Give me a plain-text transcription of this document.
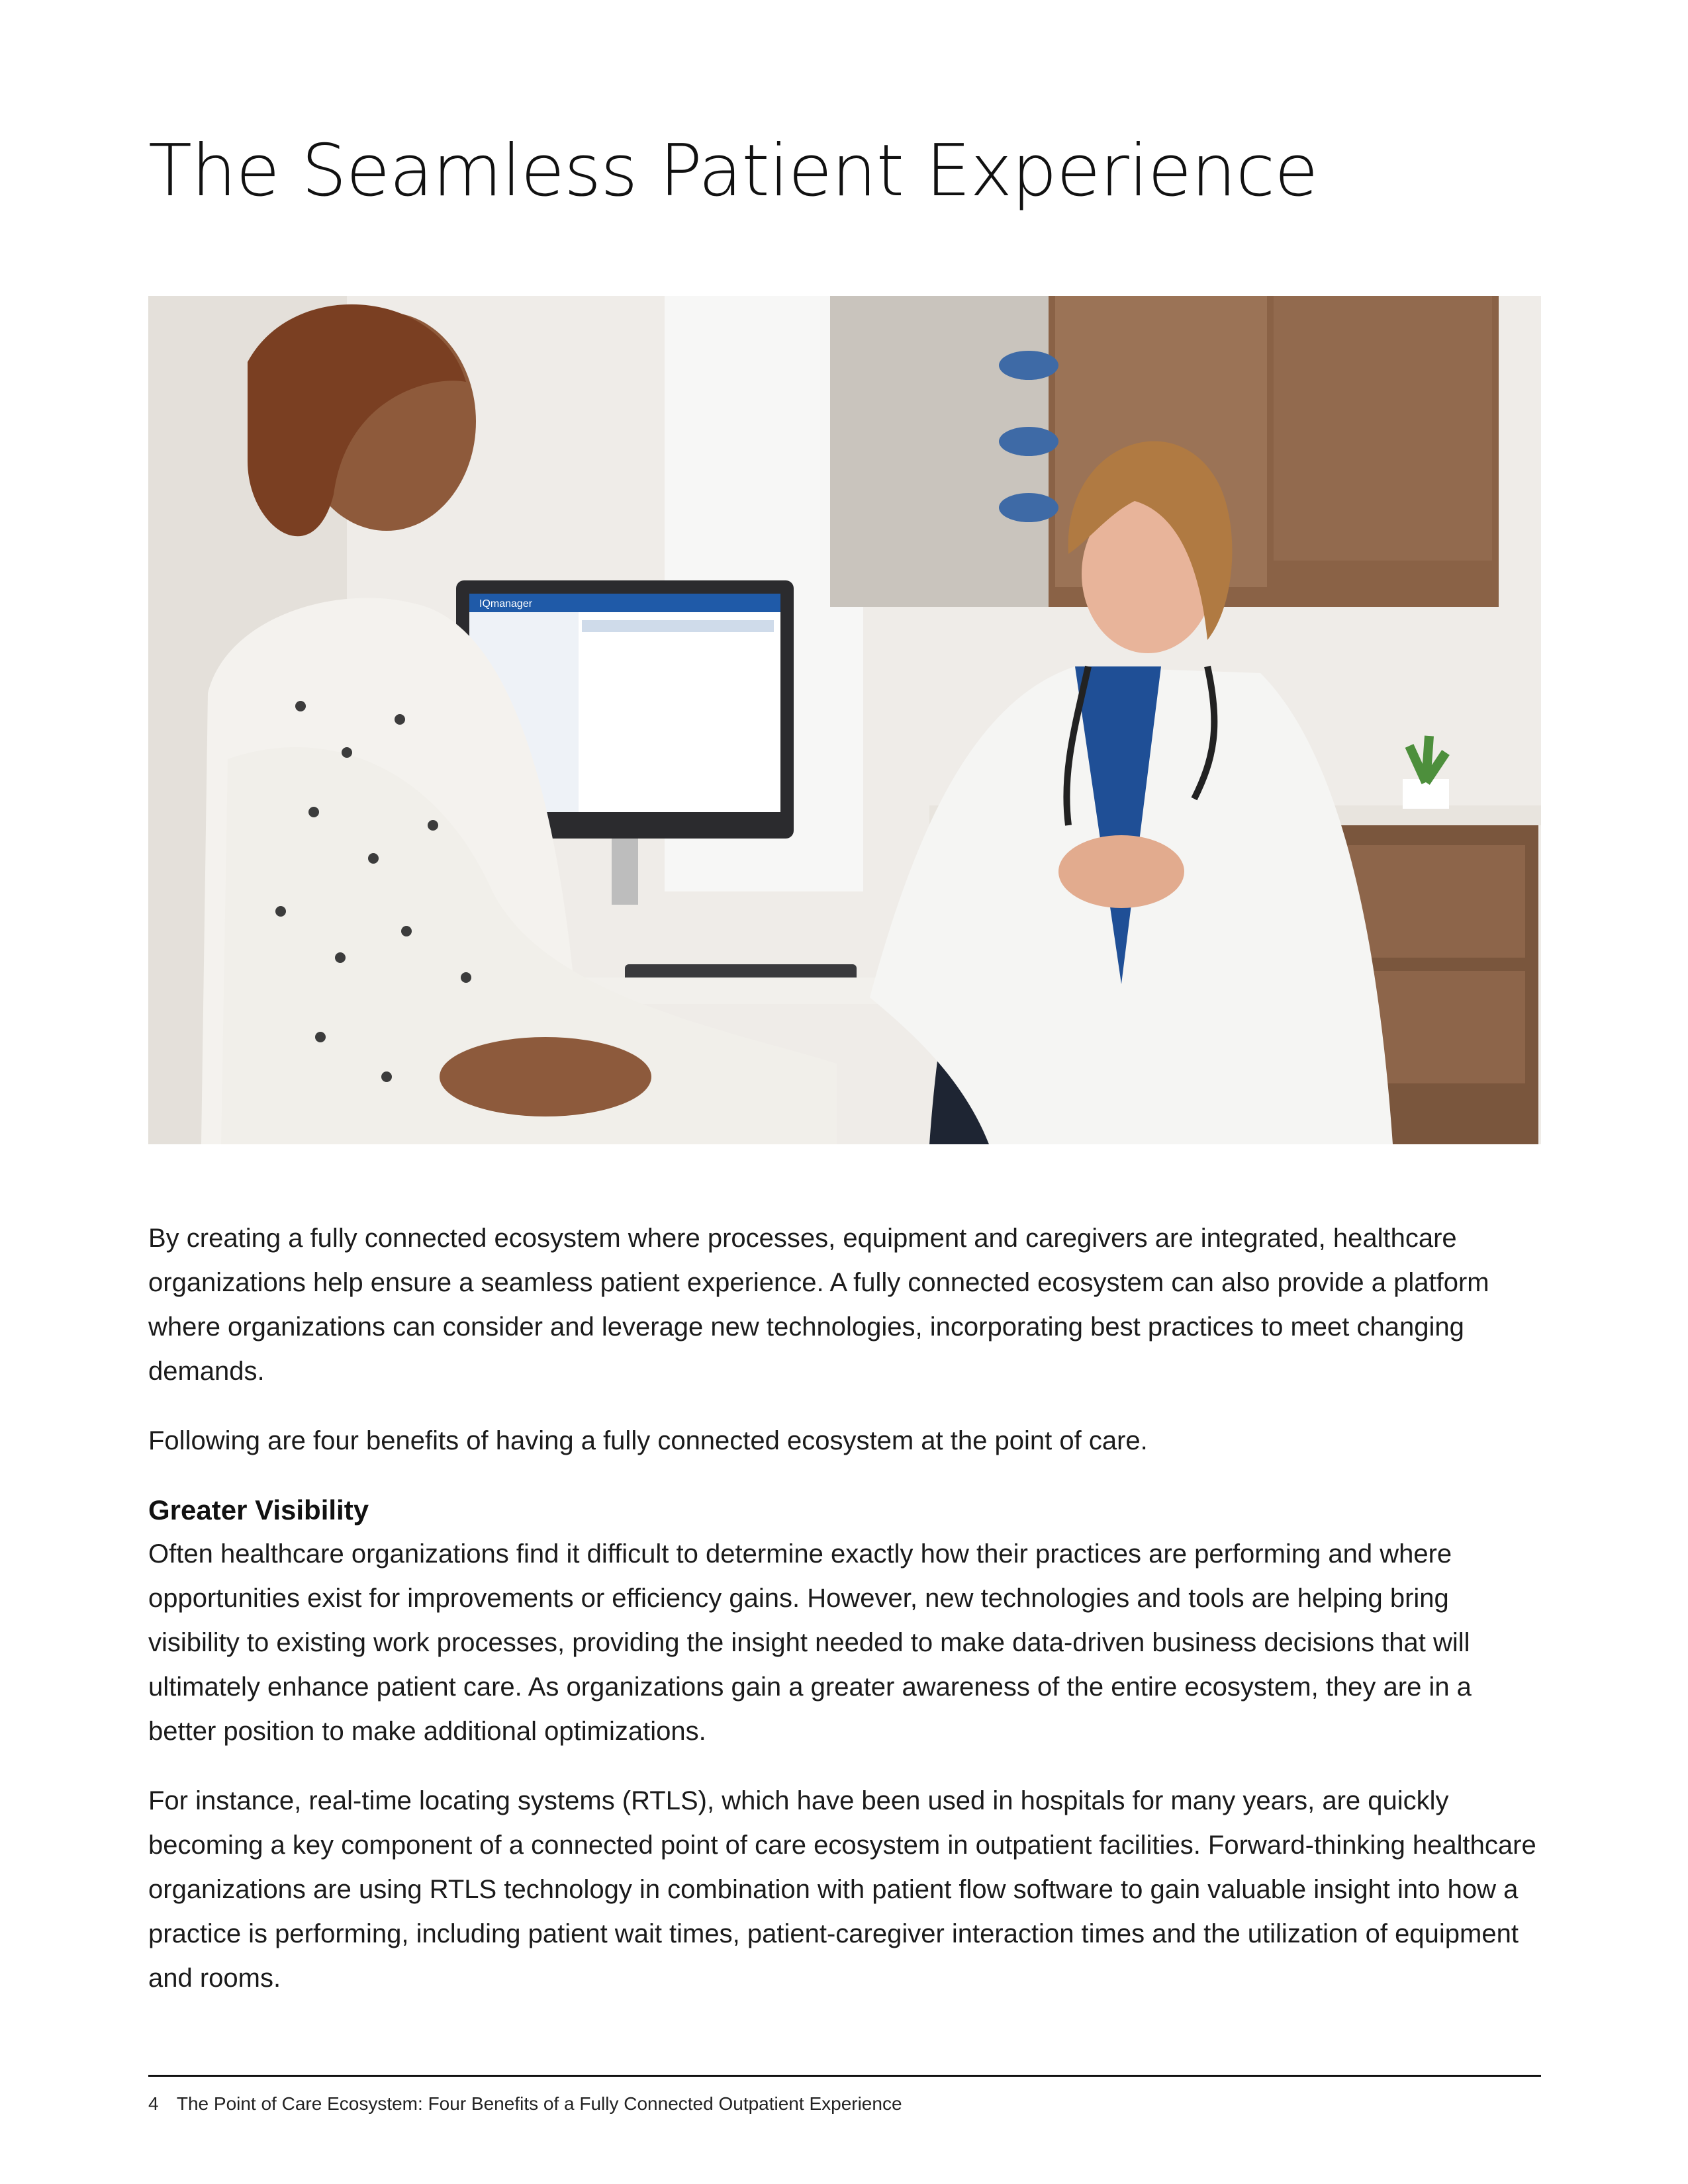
The Seamless Patient Experience
IQmanager

By creating a fully connected ecosystem where processes, equipment and caregivers are integrated, healthcare organizations help ensure a seamless patient experience. A fully connected ecosystem can also provide a platform where organizations can consider and leverage new technologies, incorporating best practices to meet changing demands.

Following are four benefits of having a fully connected ecosystem at the point of care.

Greater Visibility

Often healthcare organizations find it difficult to determine exactly how their practices are performing and where opportunities exist for improvements or efficiency gains. However, new technologies and tools are helping bring visibility to existing work processes, providing the insight needed to make data-driven business decisions that will ultimately enhance patient care. As organizations gain a greater awareness of the entire ecosystem, they are in a better position to make additional optimizations.

For instance, real-time locating systems (RTLS), which have been used in hospitals for many years, are quickly becoming a key component of a connected point of care ecosystem in outpatient facilities. Forward-thinking healthcare organizations are using RTLS technology in combination with patient flow software to gain valuable insight into how a practice is performing, including patient wait times, patient-caregiver interaction times and the utilization of equipment and rooms.

4 The Point of Care Ecosystem: Four Benefits of a Fully Connected Outpatient Experience
